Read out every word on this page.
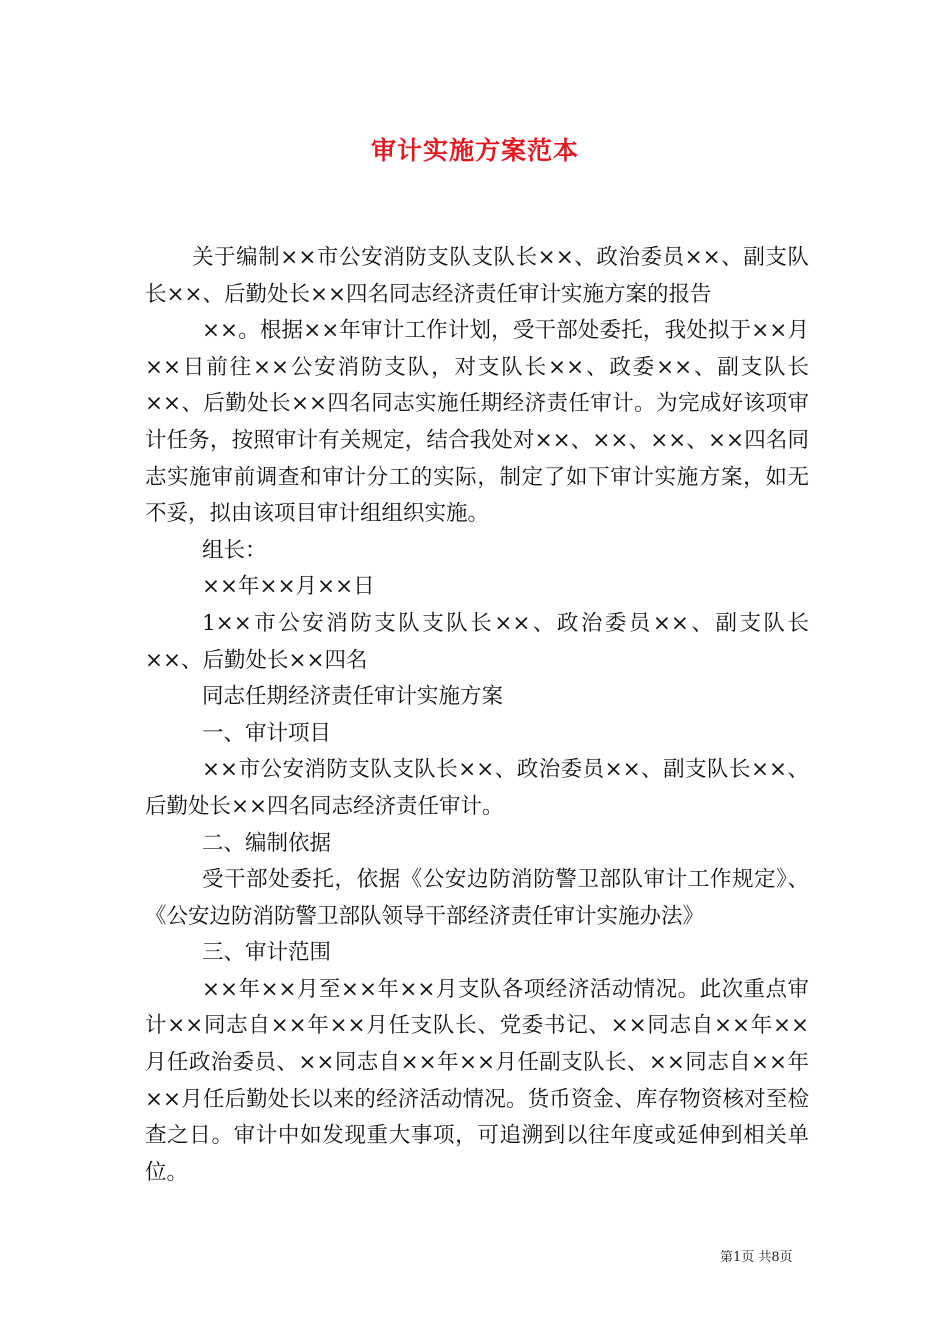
审计实施方案范本

关于编制××市公安消防支队支队长××、政治委员××、副支队长××、后勤处长××四名同志经济责任审计实施方案的报告

××。根据××年审计工作计划，受干部处委托，我处拟于××月××日前往××公安消防支队，对支队长××、政委××、副支队长××、后勤处长××四名同志实施任期经济责任审计。为完成好该项审计任务，按照审计有关规定，结合我处对××、××、××、××四名同志实施审前调查和审计分工的实际，制定了如下审计实施方案，如无不妥，拟由该项目审计组组织实施。

组长：

××年××月××日

1××市公安消防支队支队长××、政治委员××、副支队长××、后勤处长××四名

同志任期经济责任审计实施方案

一、审计项目

××市公安消防支队支队长××、政治委员××、副支队长××、后勤处长××四名同志经济责任审计。

二、编制依据

受干部处委托，依据《公安边防消防警卫部队审计工作规定》、《公安边防消防警卫部队领导干部经济责任审计实施办法》

三、审计范围

××年××月至××年××月支队各项经济活动情况。此次重点审计××同志自××年××月任支队长、党委书记、××同志自××年××月任政治委员、××同志自××年××月任副支队长、××同志自××年××月任后勤处长以来的经济活动情况。货币资金、库存物资核对至检查之日。审计中如发现重大事项，可追溯到以往年度或延伸到相关单位。

第1页 共8页
